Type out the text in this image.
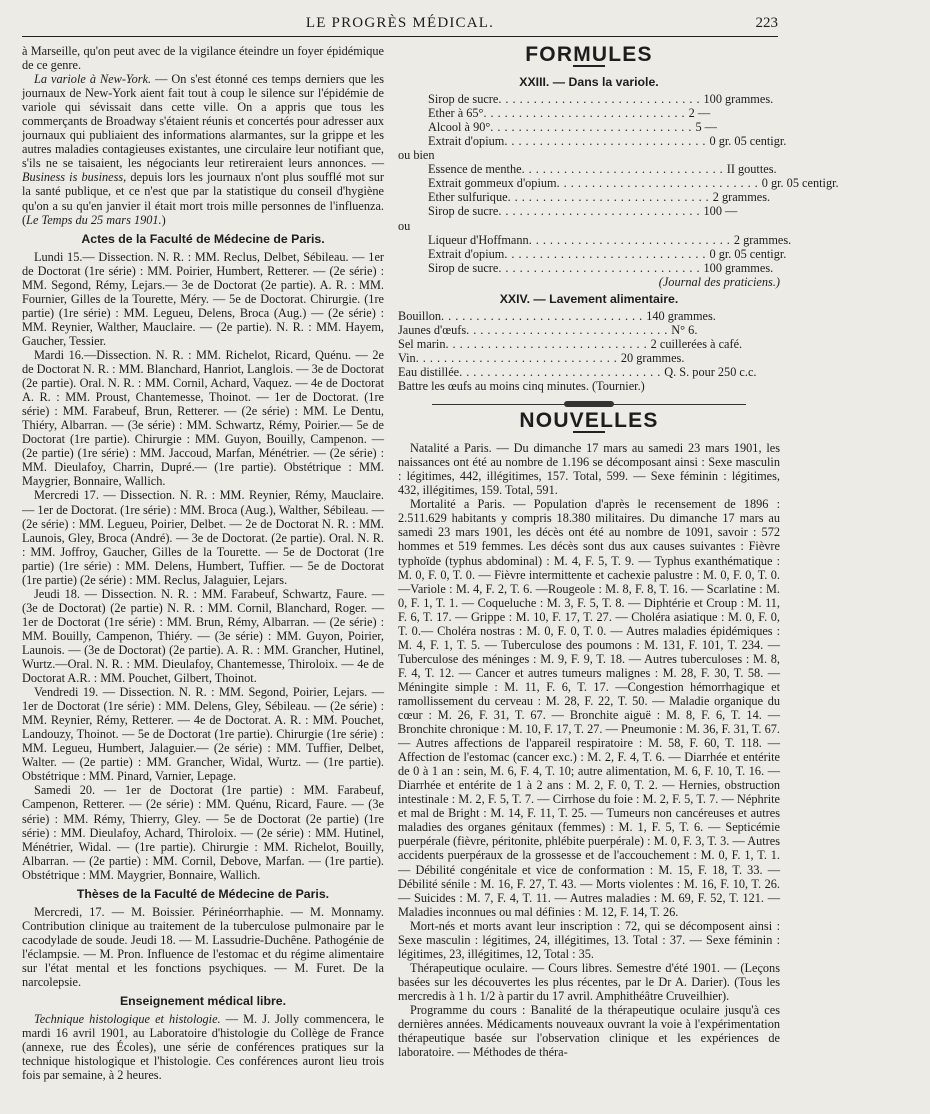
LE PROGRÈS MÉDICAL.	223

à Marseille, qu'on peut avec de la vigilance éteindre un foyer épidémique de ce genre.

La variole à New-York. — On s'est étonné ces temps derniers que les journaux de New-York aient fait tout à coup le silence sur l'épidémie de variole qui sévissait dans cette ville. On a appris que tous les commerçants de Broadway s'étaient réunis et concertés pour adresser aux journaux qui publiaient des informations alarmantes, sur la grippe et les autres maladies contagieuses existantes, une circulaire leur notifiant que, s'ils ne se taisaient, les négociants leur retireraient leurs annonces. — Business is business, depuis lors les journaux n'ont plus soufflé mot sur la santé publique, et ce n'est que par la statistique du conseil d'hygiène qu'on a su qu'en janvier il était mort trois mille personnes de l'influenza. (Le Temps du 25 mars 1901.)

Actes de la Faculté de Médecine de Paris.

Lundi 15.— Dissection. N. R. : MM. Reclus, Delbet, Sébileau. — 1er de Doctorat (1re série) : MM. Poirier, Humbert, Retterer. — (2e série) : MM. Segond, Rémy, Lejars.— 3e de Doctorat (2e partie). A. R. : MM. Fournier, Gilles de la Tourette, Méry. — 5e de Doctorat. Chirurgie. (1re partie) (1re série) : MM. Legueu, Delens, Broca (Aug.) — (2e série) : MM. Reynier, Walther, Mauclaire. — (2e partie). N. R. : MM. Hayem, Gaucher, Tessier.

Mardi 16.—Dissection. N. R. : MM. Richelot, Ricard, Quénu. — 2e de Doctorat N. R. : MM. Blanchard, Hanriot, Langlois. — 3e de Doctorat (2e partie). Oral. N. R. : MM. Cornil, Achard, Vaquez. — 4e de Doctorat A. R. : MM. Proust, Chantemesse, Thoinot. — 1er de Doctorat. (1re série) : MM. Farabeuf, Brun, Retterer. — (2e série) : MM. Le Dentu, Thiéry, Albarran. — (3e série) : MM. Schwartz, Rémy, Poirier.— 5e de Doctorat (1re partie). Chirurgie : MM. Guyon, Bouilly, Campenon. — (2e partie) (1re série) : MM. Jaccoud, Marfan, Ménétrier. — (2e série) : MM. Dieulafoy, Charrin, Dupré.— (1re partie). Obstétrique : MM. Maygrier, Bonnaire, Wallich.

Mercredi 17. — Dissection. N. R. : MM. Reynier, Rémy, Mauclaire. — 1er de Doctorat. (1re série) : MM. Broca (Aug.), Walther, Sébileau. — (2e série) : MM. Legueu, Poirier, Delbet. — 2e de Doctorat N. R. : MM. Launois, Gley, Broca (André). — 3e de Doctorat. (2e partie). Oral. N. R. : MM. Joffroy, Gaucher, Gilles de la Tourette. — 5e de Doctorat (1re partie) (1re série) : MM. Delens, Humbert, Tuffier. — 5e de Doctorat (1re partie) (2e série) : MM. Reclus, Jalaguier, Lejars.

Jeudi 18. — Dissection. N. R. : MM. Farabeuf, Schwartz, Faure. — (3e de Doctorat) (2e partie) N. R. : MM. Cornil, Blanchard, Roger. — 1er de Doctorat (1re série) : MM. Brun, Rémy, Albarran. — (2e série) : MM. Bouilly, Campenon, Thiéry. — (3e série) : MM. Guyon, Poirier, Launois. — (3e de Doctorat) (2e partie). A. R. : MM. Grancher, Hutinel, Wurtz.—Oral. N. R. : MM. Dieulafoy, Chantemesse, Thiroloix. — 4e de Doctorat A.R. : MM. Pouchet, Gilbert, Thoinot.

Vendredi 19. — Dissection. N. R. : MM. Segond, Poirier, Lejars. — 1er de Doctorat (1re série) : MM. Delens, Gley, Sébileau. — (2e série) : MM. Reynier, Rémy, Retterer. — 4e de Doctorat. A. R. : MM. Pouchet, Landouzy, Thoinot. — 5e de Doctorat (1re partie). Chirurgie (1re série) : MM. Legueu, Humbert, Jalaguier.— (2e série) : MM. Tuffier, Delbet, Walter. — (2e partie) : MM. Grancher, Widal, Wurtz. — (1re partie). Obstétrique : MM. Pinard, Varnier, Lepage.

Samedi 20. — 1er de Doctorat (1re partie) : MM. Farabeuf, Campenon, Retterer. — (2e série) : MM. Quénu, Ricard, Faure. — (3e série) : MM. Rémy, Thierry, Gley. — 5e de Doctorat (2e partie) (1re série) : MM. Dieulafoy, Achard, Thiroloix. — (2e série) : MM. Hutinel, Ménétrier, Widal. — (1re partie). Chirurgie : MM. Richelot, Bouilly, Albarran. — (2e partie) : MM. Cornil, Debove, Marfan. — (1re partie). Obstétrique : MM. Maygrier, Bonnaire, Wallich.

Thèses de la Faculté de Médecine de Paris.

Mercredi, 17. — M. Boissier. Périnéorrhaphie. — M. Monnamy. Contribution clinique au traitement de la tuberculose pulmonaire par le cacodylade de soude. Jeudi 18. — M. Lassudrie-Duchêne. Pathogénie de l'éclampsie. — M. Pron. Influence de l'estomac et du régime alimentaire sur l'état mental et les fonctions psychiques. — M. Furet. De la narcolepsie.

Enseignement médical libre.

Technique histologique et histologie. — M. J. Jolly commencera, le mardi 16 avril 1901, au Laboratoire d'histologie du Collège de France (annexe, rue des Écoles), une série de conférences pratiques sur la technique histologique et l'histologie. Ces conférences auront lieu trois fois par semaine, à 2 heures.

FORMULES
XXIII. — Dans la variole.
Sirop de sucre ............................. 100 grammes.
Ether à 65° ............................. 2 —
Alcool à 90° ............................. 5 —
Extrait d'opium ............................. 0 gr. 05 centigr.

ou bien

Essence de menthe ............................. II gouttes.
Extrait gommeux d'opium ............................. 0 gr. 05 centigr.
Ether sulfurique ............................. 2 grammes.
Sirop de sucre ............................. 100 —

ou

Liqueur d'Hoffmann ............................. 2 grammes.
Extrait d'opium ............................. 0 gr. 05 centigr.
Sirop de sucre ............................. 100 grammes.

(Journal des praticiens.)

XXIV. — Lavement alimentaire.
Bouillon ............................. 140 grammes.
Jaunes d'œufs ............................. N° 6.
Sel marin ............................. 2 cuillerées à café.
Vin ............................. 20 grammes.
Eau distillée ............................. Q. S. pour 250 c.c.

Battre les œufs au moins cinq minutes. (Tournier.)

NOUVELLES

Natalité a Paris. — Du dimanche 17 mars au samedi 23 mars 1901, les naissances ont été au nombre de 1.196 se décomposant ainsi : Sexe masculin : légitimes, 442, illégitimes, 157. Total, 599. — Sexe féminin : légitimes, 432, illégitimes, 159. Total, 591.

Mortalité a Paris. — Population d'après le recensement de 1896 : 2.511.629 habitants y compris 18.380 militaires. Du dimanche 17 mars au samedi 23 mars 1901, les décès ont été au nombre de 1091, savoir : 572 hommes et 519 femmes. Les décès sont dus aux causes suivantes : Fièvre typhoïde (typhus abdominal) : M. 4, F. 5, T. 9. — Typhus exanthématique : M. 0, F. 0, T. 0. — Fièvre intermittente et cachexie palustre : M. 0, F. 0, T. 0. —Variole : M. 4, F. 2, T. 6. —Rougeole : M. 8, F. 8, T. 16. — Scarlatine : M. 0, F. 1, T. 1. — Coqueluche : M. 3, F. 5, T. 8. — Diphtérie et Croup : M. 11, F. 6, T. 17. — Grippe : M. 10, F. 17, T. 27. — Choléra asiatique : M. 0, F. 0, T. 0.— Choléra nostras : M. 0, F. 0, T. 0. — Autres maladies épidémiques : M. 4, F. 1, T. 5. — Tuberculose des poumons : M. 131, F. 101, T. 234. — Tuberculose des méninges : M. 9, F. 9, T. 18. — Autres tuberculoses : M. 8, F. 4, T. 12. — Cancer et autres tumeurs malignes : M. 28, F. 30, T. 58. — Méningite simple : M. 11, F. 6, T. 17. —Congestion hémorrhagique et ramollissement du cerveau : M. 28, F. 22, T. 50. — Maladie organique du cœur : M. 26, F. 31, T. 67. — Bronchite aiguë : M. 8, F. 6, T. 14. — Bronchite chronique : M. 10, F. 17, T. 27. — Pneumonie : M. 36, F. 31, T. 67. — Autres affections de l'appareil respiratoire : M. 58, F. 60, T. 118. — Affection de l'estomac (cancer exc.) : M. 2, F. 4, T. 6. — Diarrhée et entérite de 0 à 1 an : sein, M. 6, F. 4, T. 10; autre alimentation, M. 6, F. 10, T. 16. — Diarrhée et entérite de 1 à 2 ans : M. 2, F. 0, T. 2. — Hernies, obstruction intestinale : M. 2, F. 5, T. 7. — Cirrhose du foie : M. 2, F. 5, T. 7. — Néphrite et mal de Bright : M. 14, F. 11, T. 25. — Tumeurs non cancéreuses et autres maladies des organes génitaux (femmes) : M. 1, F. 5, T. 6. — Septicémie puerpérale (fièvre, péritonite, phlébite puerpérale) : M. 0, F. 3, T. 3. — Autres accidents puerpéraux de la grossesse et de l'accouchement : M. 0, F. 1, T. 1. — Débilité congénitale et vice de conformation : M. 15, F. 18, T. 33. — Débilité sénile : M. 16, F. 27, T. 43. — Morts violentes : M. 16, F. 10, T. 26. — Suicides : M. 7, F. 4, T. 11. — Autres maladies : M. 69, F. 52, T. 121. — Maladies inconnues ou mal définies : M. 12, F. 14, T. 26.

Mort-nés et morts avant leur inscription : 72, qui se décomposent ainsi : Sexe masculin : légitimes, 24, illégitimes, 13. Total : 37. — Sexe féminin : légitimes, 23, illégitimes, 12, Total : 35.

Thérapeutique oculaire. — Cours libres. Semestre d'été 1901. — (Leçons basées sur les découvertes les plus récentes, par le Dr A. Darier). (Tous les mercredis à 1 h. 1/2 à partir du 17 avril. Amphithéâtre Cruveilhier).

Programme du cours : Banalité de la thérapeutique oculaire jusqu'à ces dernières années. Médicaments nouveaux ouvrant la voie à l'expérimentation thérapeutique basée sur l'observation clinique et les expériences de laboratoire. — Méthodes de théra-
